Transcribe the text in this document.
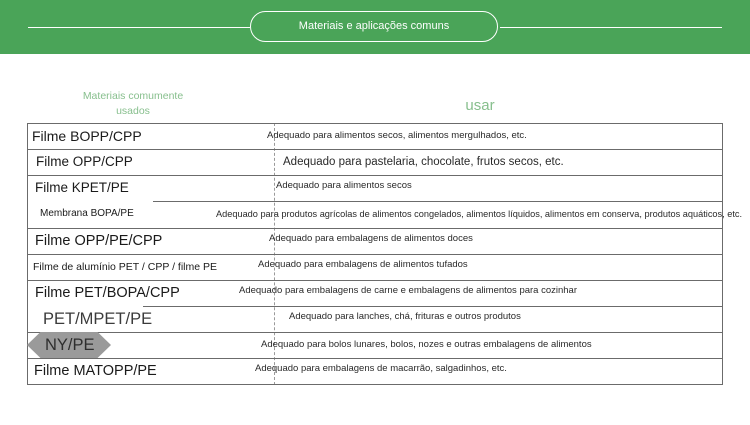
Materiais e aplicações comuns
Materiais comumente usados	usar
Filme BOPP/CPP	Adequado para alimentos secos, alimentos mergulhados, etc.
Filme OPP/CPP	Adequado para pastelaria, chocolate, frutos secos, etc.
Filme KPET/PE	Adequado para alimentos secos
Membrana BOPA/PE	Adequado para produtos agrícolas de alimentos congelados, alimentos líquidos, alimentos em conserva, produtos aquáticos, etc.
Filme OPP/PE/CPP	Adequado para embalagens de alimentos doces
Filme de alumínio PET / CPP / filme PE	Adequado para embalagens de alimentos tufados
Filme PET/BOPA/CPP	Adequado para embalagens de carne e embalagens de alimentos para cozinhar
PET/MPET/PE	Adequado para lanches, chá, frituras e outros produtos
NY/PE	Adequado para bolos lunares, bolos, nozes e outras embalagens de alimentos
Filme MATOPP/PE	Adequado para embalagens de macarrão, salgadinhos, etc.
